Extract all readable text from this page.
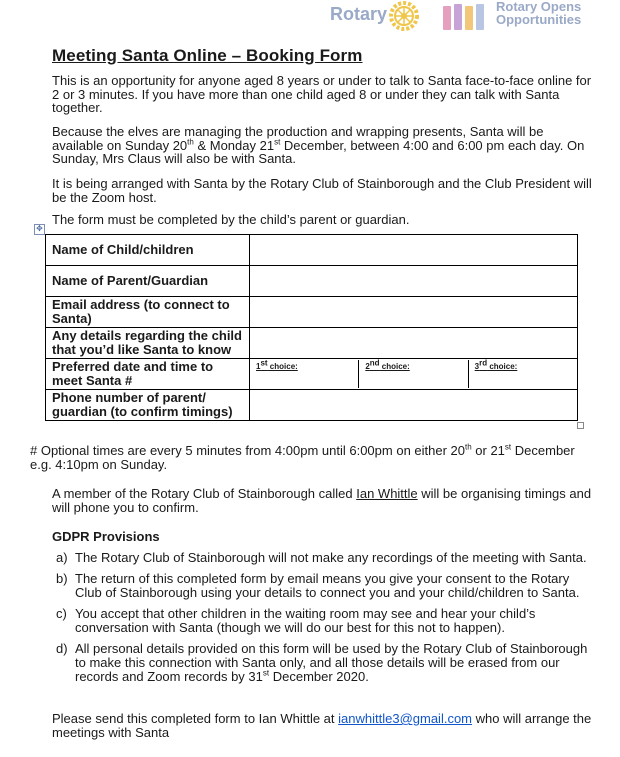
Rotary	Rotary Opens
Opportunities
Meeting Santa Online – Booking Form

This is an opportunity for anyone aged 8 years or under to talk to Santa face-to-face online for 2 or 3 minutes. If you have more than one child aged 8 or under they can talk with Santa together.

Because the elves are managing the production and wrapping presents, Santa will be available on Sunday 20th & Monday 21st December, between 4:00 and 6:00 pm each day. On Sunday, Mrs Claus will also be with Santa.

It is being arranged with Santa by the Rotary Club of Stainborough and the Club President will be the Zoom host.

The form must be completed by the child’s parent or guardian.

✥
Name of Child/children	
Name of Parent/Guardian	
Email address (to connect to Santa)	
Any details regarding the child that you’d like Santa to know	
Preferred date and time to meet Santa #	1st choice: 2nd choice: 3rd choice:

Phone number of parent/ guardian (to confirm timings)	

# Optional times are every 5 minutes from 4:00pm until 6:00pm on either 20th or 21st December e.g. 4:10pm on Sunday.

A member of the Rotary Club of Stainborough called Ian Whittle will be organising timings and will phone you to confirm.

GDPR Provisions
a) The Rotary Club of Stainborough will not make any recordings of the meeting with Santa.
b) The return of this completed form by email means you give your consent to the Rotary Club of Stainborough using your details to connect you and your child/children to Santa.
c) You accept that other children in the waiting room may see and hear your child’s conversation with Santa (though we will do our best for this not to happen).
d) All personal details provided on this form will be used by the Rotary Club of Stainborough to make this connection with Santa only, and all those details will be erased from our records and Zoom records by 31st December 2020.

Please send this completed form to Ian Whittle at ianwhittle3@gmail.com who will arrange the meetings with Santa
